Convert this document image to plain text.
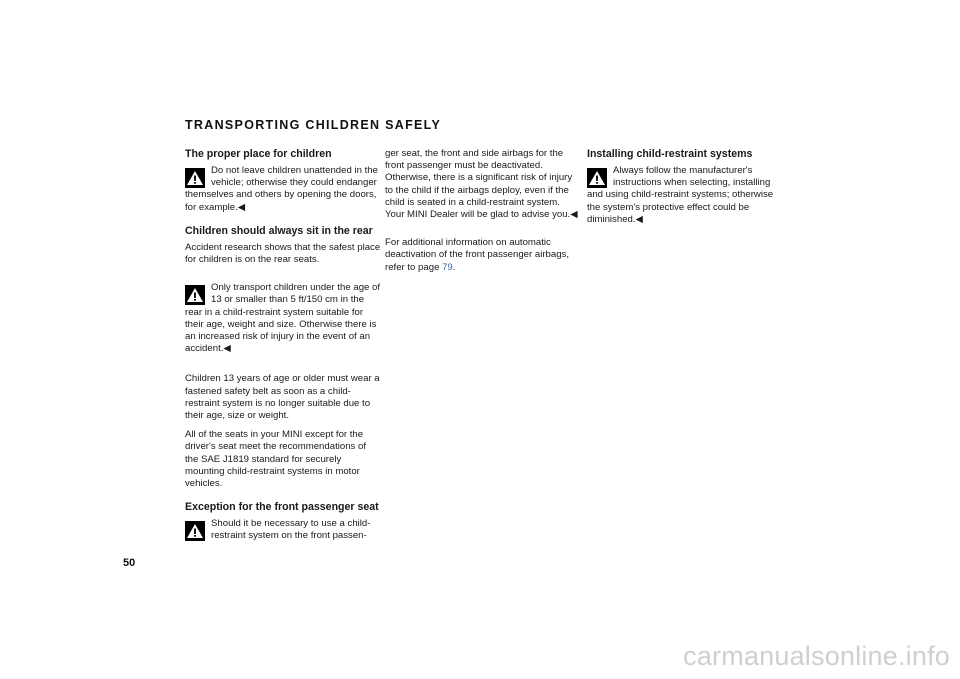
TRANSPORTING CHILDREN SAFELY
The proper place for children
Do not leave children unattended in the vehicle; otherwise they could endanger themselves and others by opening the doors, for example.◀
Children should always sit in the rear

Accident research shows that the safest place for children is on the rear seats.

Only transport children under the age of 13 or smaller than 5 ft/150 cm in the rear in a child-restraint system suitable for their age, weight and size. Otherwise there is an increased risk of injury in the event of an accident.◀

Children 13 years of age or older must wear a fastened safety belt as soon as a child-restraint system is no longer suitable due to their age, size or weight.

All of the seats in your MINI except for the driver's seat meet the recommendations of the SAE J1819 standard for securely mounting child-restraint systems in motor vehicles.

Exception for the front passenger seat
Should it be necessary to use a child-restraint system on the front passen-

ger seat, the front and side airbags for the front passenger must be deactivated. Otherwise, there is a significant risk of injury to the child if the airbags deploy, even if the child is seated in a child-restraint system. Your MINI Dealer will be glad to advise you.◀

For additional information on automatic deactivation of the front passenger airbags, refer to page 79.

Installing child-restraint systems
Always follow the manufacturer's instructions when selecting, installing and using child-restraint systems; otherwise the system's protective effect could be diminished.◀
50
carmanualsonline.info
